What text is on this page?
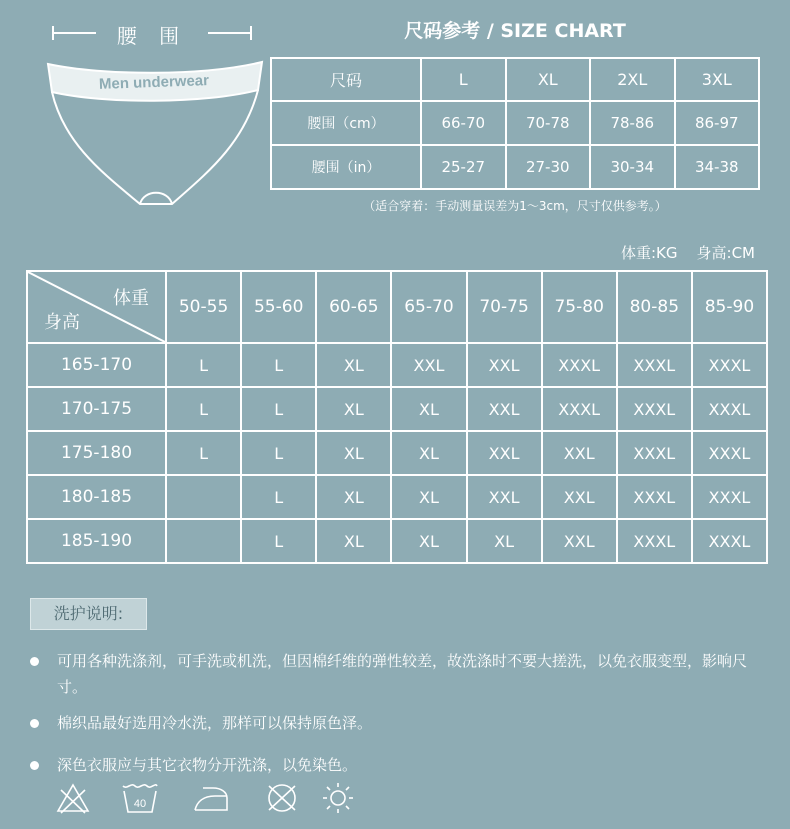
腰 围
Men underwear
尺码参考 / SIZE CHART
尺码	L	XL	2XL	3XL
腰围（cm）	66-70	70-78	78-86	86-97
腰围（in）	25-27	27-30	30-34	34-38
（适合穿着：手动测量误差为1～3cm，尺寸仅供参考。）
体重:KG    身高:CM
体重
身高	50-55	55-60	60-65	65-70	70-75	75-80	80-85	85-90
165-170	L	L	XL	XXL	XXL	XXXL	XXXL	XXXL
170-175	L	L	XL	XL	XXL	XXXL	XXXL	XXXL
175-180	L	L	XL	XL	XXL	XXL	XXXL	XXXL
180-185		L	XL	XL	XXL	XXL	XXXL	XXXL
185-190		L	XL	XL	XL	XXL	XXXL	XXXL
洗护说明:
可用各种洗涤剂，可手洗或机洗，但因棉纤维的弹性较差，故洗涤时不要大搓洗，以免衣服变型，影响尺寸。
棉织品最好选用冷水洗，那样可以保持原色泽。
深色衣服应与其它衣物分开洗涤，以免染色。
40
